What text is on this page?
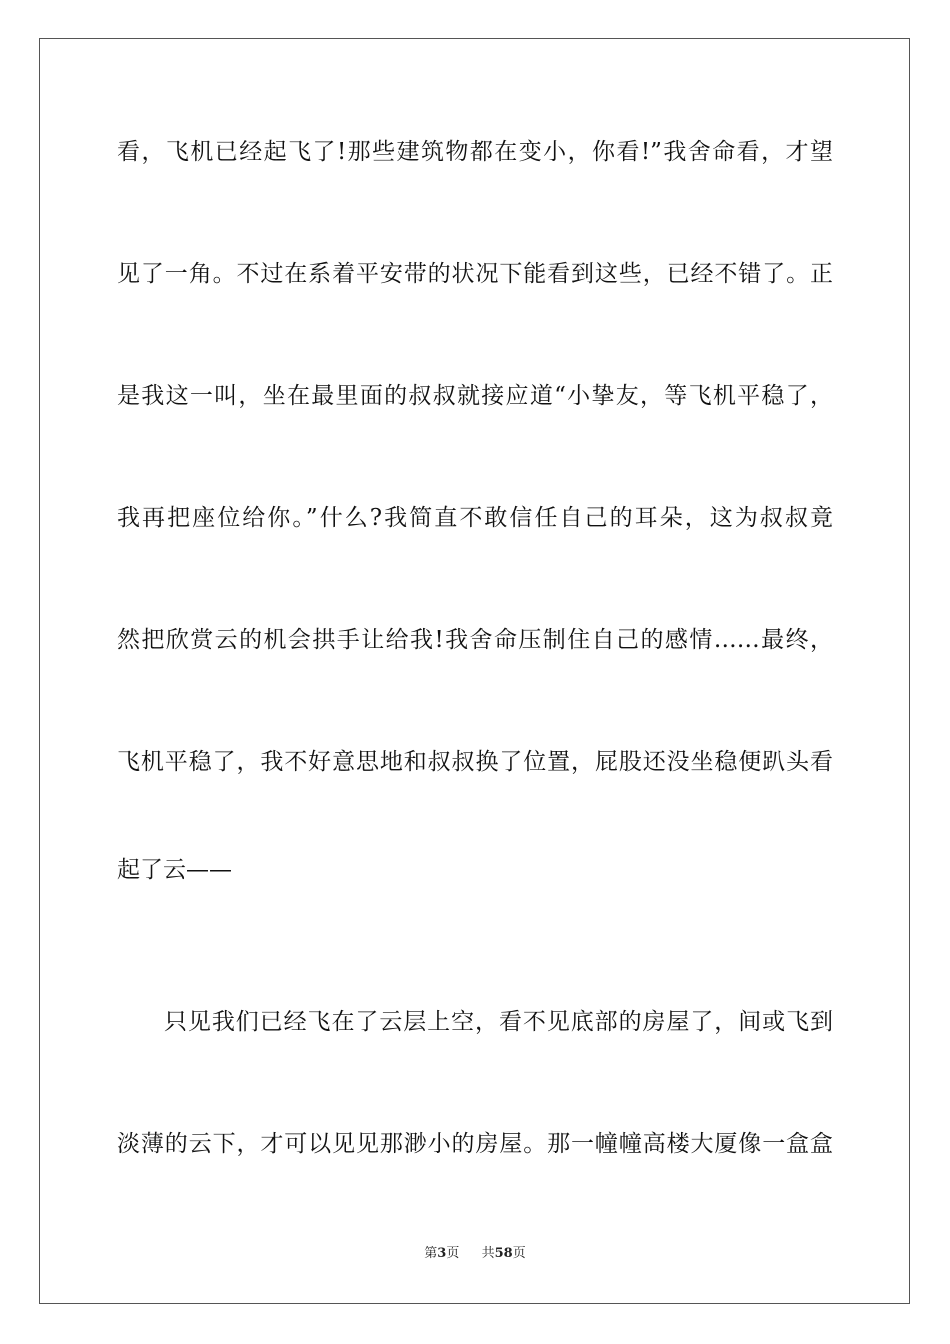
看，飞机已经起飞了!那些建筑物都在变小，你看!”我舍命看，才望
见了一角。不过在系着平安带的状况下能看到这些，已经不错了。正
是我这一叫，坐在最里面的叔叔就接应道“小挚友，等飞机平稳了，
我再把座位给你。”什么?我简直不敢信任自己的耳朵，这为叔叔竟
然把欣赏云的机会拱手让给我!我舍命压制住自己的感情……最终，
飞机平稳了，我不好意思地和叔叔换了位置，屁股还没坐稳便趴头看
起了云——
只见我们已经飞在了云层上空，看不见底部的房屋了，间或飞到
淡薄的云下，才可以见见那渺小的房屋。那一幢幢高楼大厦像一盒盒
第3页 共58页
